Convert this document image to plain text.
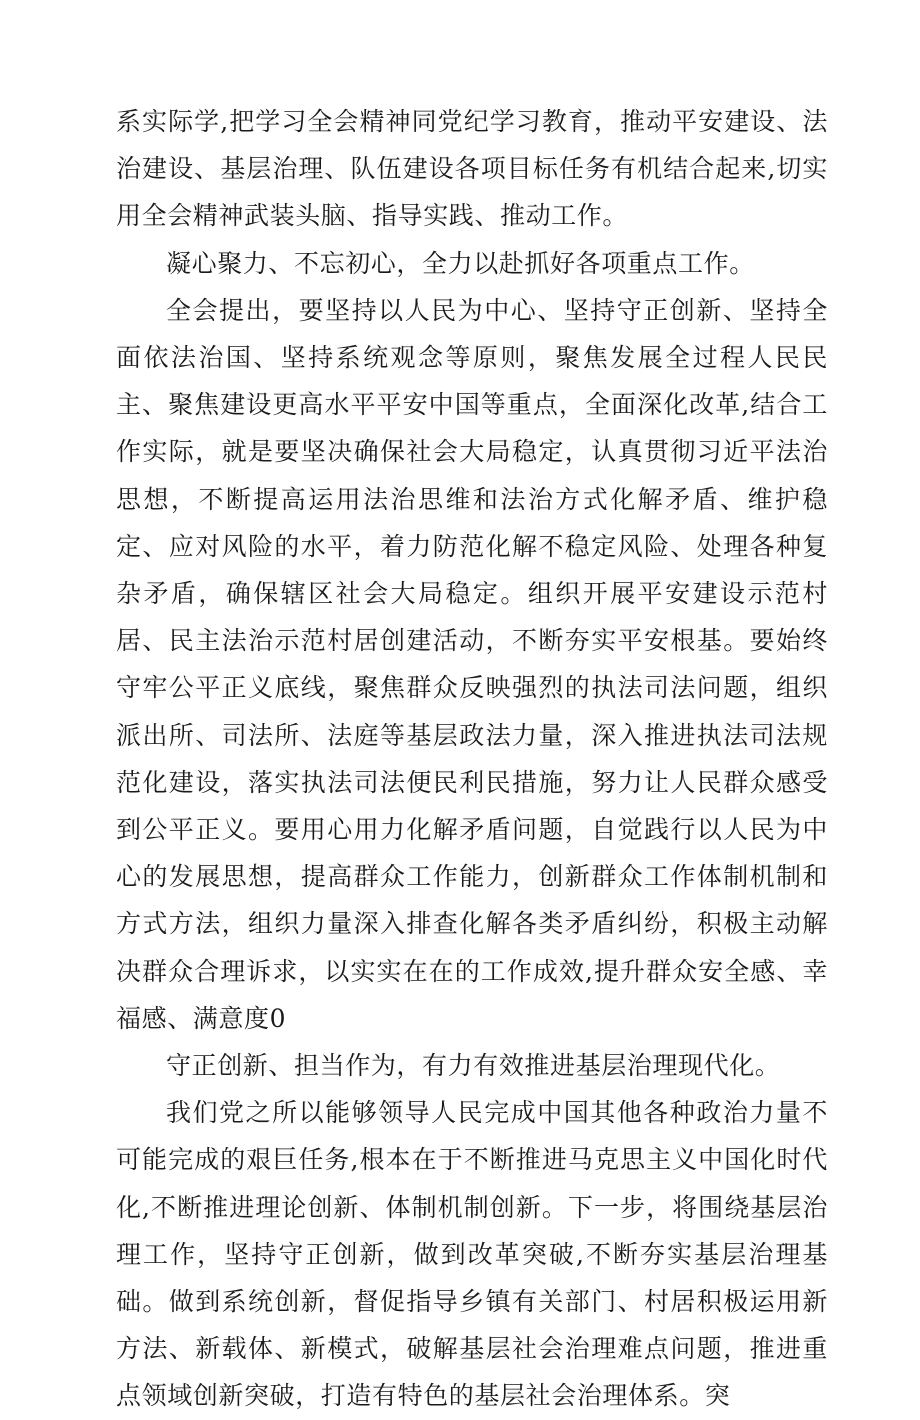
系实际学,把学习全会精神同党纪学习教育，推动平安建设、法治建设、基层治理、队伍建设各项目标任务有机结合起来,切实用全会精神武装头脑、指导实践、推动工作。

凝心聚力、不忘初心，全力以赴抓好各项重点工作。

全会提出，要坚持以人民为中心、坚持守正创新、坚持全面依法治国、坚持系统观念等原则，聚焦发展全过程人民民主、聚焦建设更高水平平安中国等重点，全面深化改革,结合工作实际，就是要坚决确保社会大局稳定，认真贯彻习近平法治思想，不断提高运用法治思维和法治方式化解矛盾、维护稳定、应对风险的水平，着力防范化解不稳定风险、处理各种复杂矛盾，确保辖区社会大局稳定。组织开展平安建设示范村居、民主法治示范村居创建活动，不断夯实平安根基。要始终守牢公平正义底线，聚焦群众反映强烈的执法司法问题，组织派出所、司法所、法庭等基层政法力量，深入推进执法司法规范化建设，落实执法司法便民利民措施，努力让人民群众感受到公平正义。要用心用力化解矛盾问题，自觉践行以人民为中心的发展思想，提高群众工作能力，创新群众工作体制机制和方式方法，组织力量深入排查化解各类矛盾纠纷，积极主动解决群众合理诉求，以实实在在的工作成效,提升群众安全感、幸福感、满意度0

守正创新、担当作为，有力有效推进基层治理现代化。

我们党之所以能够领导人民完成中国其他各种政治力量不可能完成的艰巨任务,根本在于不断推进马克思主义中国化时代化,不断推进理论创新、体制机制创新。下一步，将围绕基层治理工作，坚持守正创新，做到改革突破,不断夯实基层治理基础。做到系统创新，督促指导乡镇有关部门、村居积极运用新方法、新载体、新模式，破解基层社会治理难点问题，推进重点领域创新突破，打造有特色的基层社会治理体系。突
